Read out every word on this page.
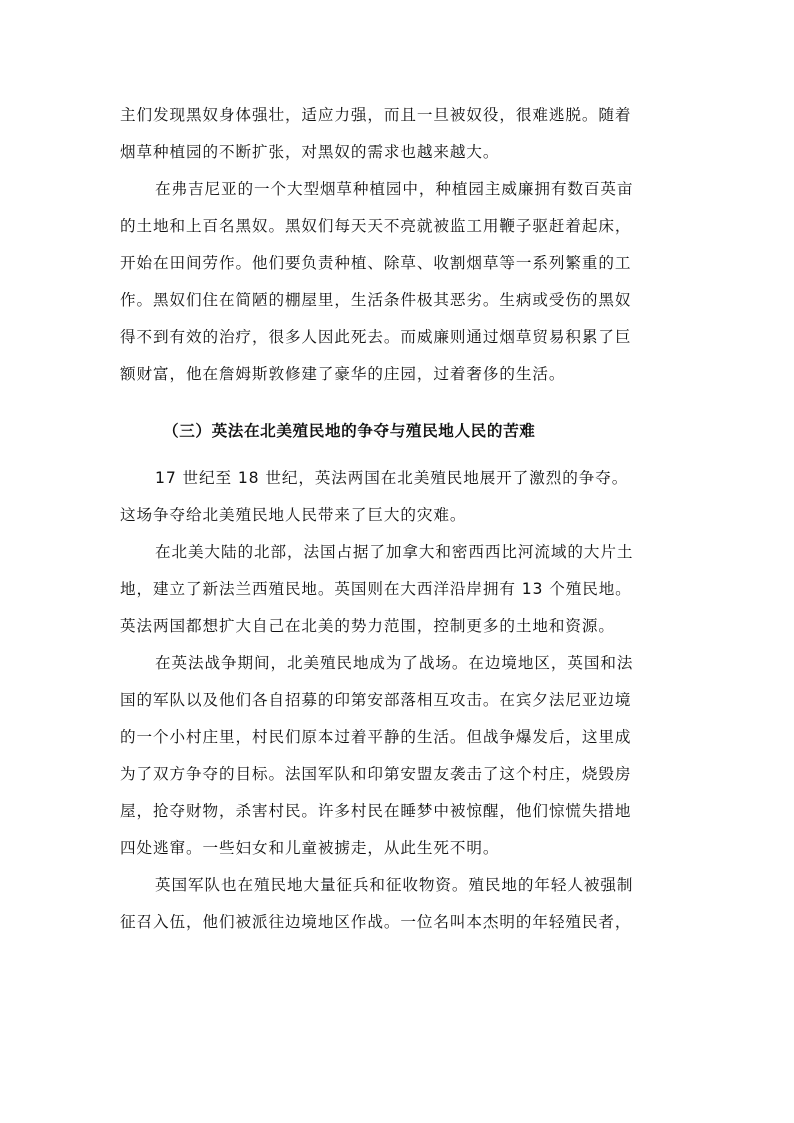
主们发现黑奴身体强壮，适应力强，而且一旦被奴役，很难逃脱。随着
烟草种植园的不断扩张，对黑奴的需求也越来越大。
在弗吉尼亚的一个大型烟草种植园中，种植园主威廉拥有数百英亩
的土地和上百名黑奴。黑奴们每天天不亮就被监工用鞭子驱赶着起床，
开始在田间劳作。他们要负责种植、除草、收割烟草等一系列繁重的工
作。黑奴们住在简陋的棚屋里，生活条件极其恶劣。生病或受伤的黑奴
得不到有效的治疗，很多人因此死去。而威廉则通过烟草贸易积累了巨
额财富，他在詹姆斯敦修建了豪华的庄园，过着奢侈的生活。
（三）英法在北美殖民地的争夺与殖民地人民的苦难
17 世纪至 18 世纪，英法两国在北美殖民地展开了激烈的争夺。
这场争夺给北美殖民地人民带来了巨大的灾难。
在北美大陆的北部，法国占据了加拿大和密西西比河流域的大片土
地，建立了新法兰西殖民地。英国则在大西洋沿岸拥有 13 个殖民地。
英法两国都想扩大自己在北美的势力范围，控制更多的土地和资源。
在英法战争期间，北美殖民地成为了战场。在边境地区，英国和法
国的军队以及他们各自招募的印第安部落相互攻击。在宾夕法尼亚边境
的一个小村庄里，村民们原本过着平静的生活。但战争爆发后，这里成
为了双方争夺的目标。法国军队和印第安盟友袭击了这个村庄，烧毁房
屋，抢夺财物，杀害村民。许多村民在睡梦中被惊醒，他们惊慌失措地
四处逃窜。一些妇女和儿童被掳走，从此生死不明。
英国军队也在殖民地大量征兵和征收物资。殖民地的年轻人被强制
征召入伍，他们被派往边境地区作战。一位名叫本杰明的年轻殖民者，
